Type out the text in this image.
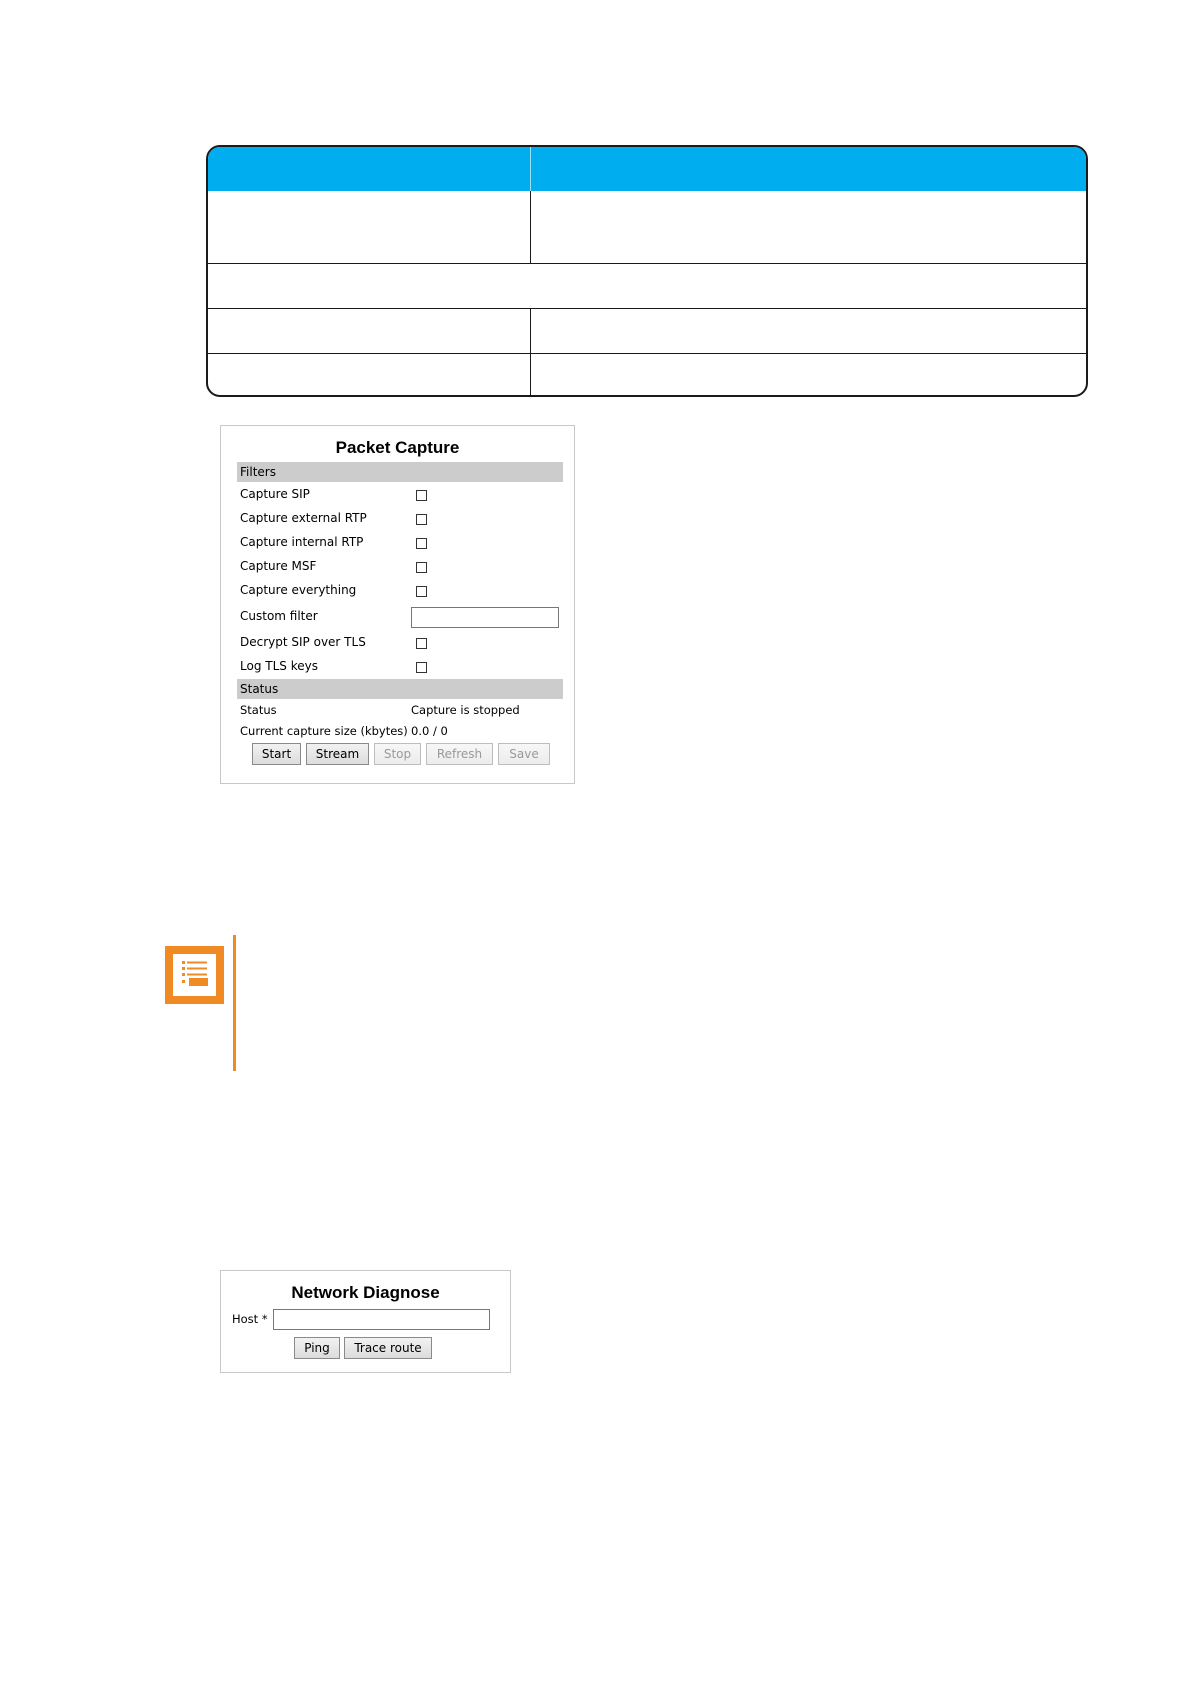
Packet Capture
Filters
Capture SIP
Capture external RTP
Capture internal RTP
Capture MSF
Capture everything
Custom filter
Decrypt SIP over TLS
Log TLS keys
Status
Status	Capture is stopped
Current capture size (kbytes) 0.0 / 0
Start	Stream	Stop	Refresh	Save
Network Diagnose
Host *
Ping	Trace route
